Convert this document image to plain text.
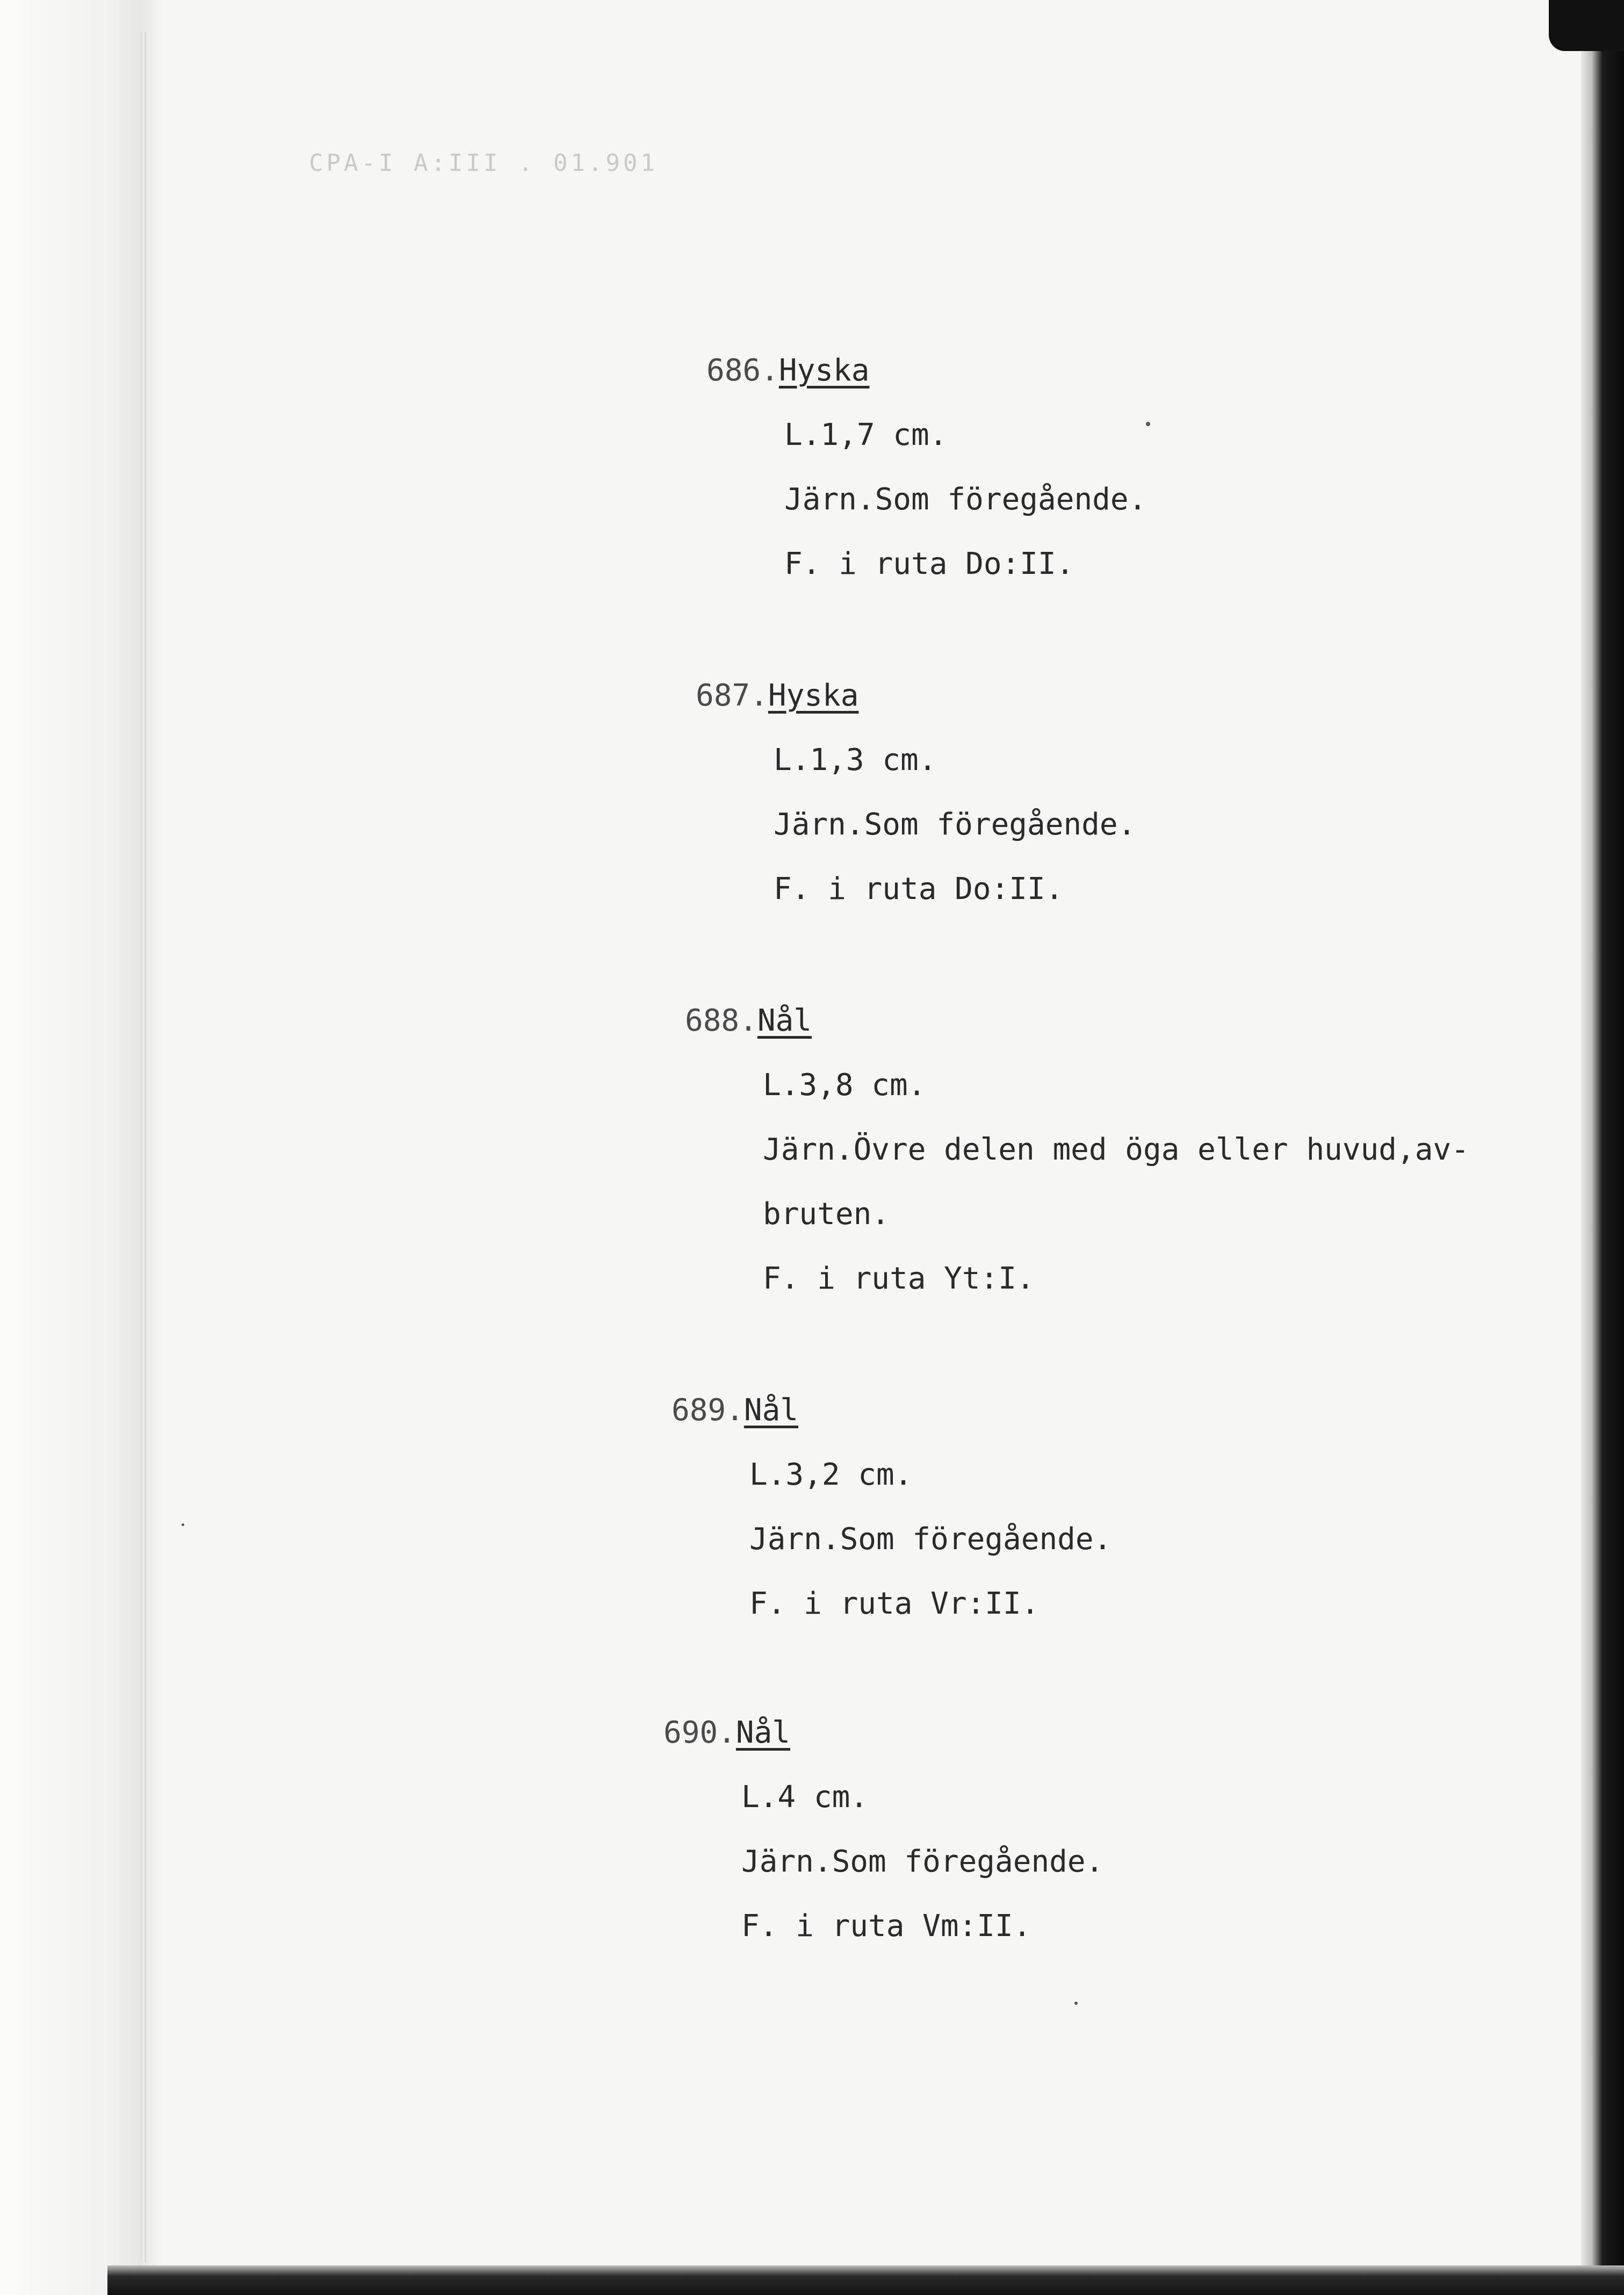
CPA-I A:III . 01.901
686.Hyska
L.1,7 cm.
Järn.Som föregående.
F. i ruta Do:II.
687.Hyska
L.1,3 cm.
Järn.Som föregående.
F. i ruta Do:II.
688.Nål
L.3,8 cm.
Järn.Övre delen med öga eller huvud,av-
bruten.
F. i ruta Yt:I.
689.Nål
L.3,2 cm.
Järn.Som föregående.
F. i ruta Vr:II.
690.Nål
L.4 cm.
Järn.Som föregående.
F. i ruta Vm:II.
